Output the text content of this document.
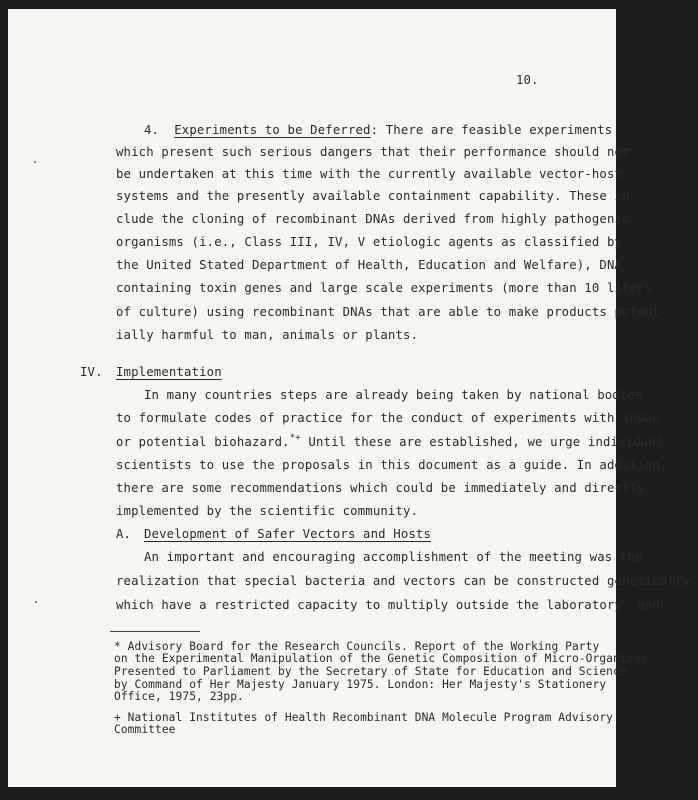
10.
4. Experiments to be Deferred: There are feasible experiments
which present such serious dangers that their performance should not
be undertaken at this time with the currently available vector-host
systems and the presently available containment capability. These in-
clude the cloning of recombinant DNAs derived from highly pathogenic
organisms (i.e., Class III, IV, V etiologic agents as classified by
the United Stated Department of Health, Education and Welfare), DNA
containing toxin genes and large scale experiments (more than 10 liters
of culture) using recombinant DNAs that are able to make products potent-
ially harmful to man, animals or plants.
IV. Implementation
In many countries steps are already being taken by national bodies
to formulate codes of practice for the conduct of experiments with known
or potential biohazard.*+ Until these are established, we urge individual
scientists to use the proposals in this document as a guide. In addition,
there are some recommendations which could be immediately and directly
implemented by the scientific community.
A. Development of Safer Vectors and Hosts
An important and encouraging accomplishment of the meeting was the
realization that special bacteria and vectors can be constructed genetically,
which have a restricted capacity to multiply outside the laboratory, and
* Advisory Board for the Research Councils. Report of the Working Party
on the Experimental Manipulation of the Genetic Composition of Micro-Organisms.
Presented to Parliament by the Secretary of State for Education and Science
by Command of Her Majesty January 1975. London: Her Majesty's Stationery
Office, 1975, 23pp.
+ National Institutes of Health Recombinant DNA Molecule Program Advisory
Committee
